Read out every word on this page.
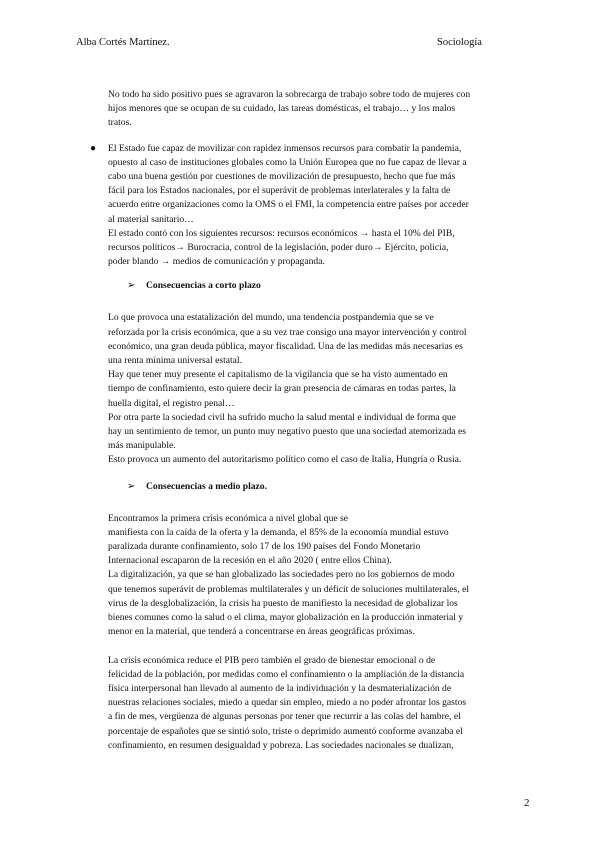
Alba Cortés Martínez.	Sociología

No todo ha sido positivo pues se agravaron la sobrecarga de trabajo sobre todo de mujeres con
hijos menores que se ocupan de su cuidado, las tareas domésticas, el trabajo… y los malos
tratos.

● El Estado fue capaz de movilizar con rapidez inmensos recursos para combatir la pandemia,
opuesto al caso de instituciones globales como la Unión Europea que no fue capaz de llevar a
cabo una buena gestión por cuestiones de movilización de presupuesto, hecho que fue más
fácil para los Estados nacionales, por el superávit de problemas interlaterales y la falta de
acuerdo entre organizaciones como la OMS o el FMI, la competencia entre países por acceder
al material sanitario…
El estado contó con los siguientes recursos: recursos económicos → hasta el 10% del PIB,
recursos políticos→ Burocracia, control de la legislación, poder duro→ Ejército, policía,
poder blando → medios de comunicación y propaganda.

➢ Consecuencias a corto plazo

Lo que provoca una estatalización del mundo, una tendencia postpandemia que se ve
reforzada por la crisis económica, que a su vez trae consigo una mayor intervención y control
económico, una gran deuda pública, mayor fiscalidad. Una de las medidas más necesarias es
una renta mínima universal estatal.
Hay que tener muy presente el capitalismo de la vigilancia que se ha visto aumentado en
tiempo de confinamiento, esto quiere decir la gran presencia de cámaras en todas partes, la
huella digital, el registro penal…
Por otra parte la sociedad civil ha sufrido mucho la salud mental e individual de forma que
hay un sentimiento de temor, un punto muy negativo puesto que una sociedad atemorizada es
más manipulable.
Esto provoca un aumento del autoritarismo político como el caso de Italia, Hungría o Rusia.

➢ Consecuencias a medio plazo.

Encontramos la primera crisis económica a nivel global que se
manifiesta con la caída de la oferta y la demanda, el 85% de la economía mundial estuvo
paralizada durante confinamiento, solo 17 de los 190 países del Fondo Monetario
Internacional escaparon de la recesión en el año 2020 ( entre ellos China).
La digitalización, ya que se han globalizado las sociedades pero no los gobiernos de modo
que tenemos superávit de problemas multilaterales y un déficit de soluciones multilaterales, el
virus de la desglobalización, la crisis ha puesto de manifiesto la necesidad de globalizar los
bienes comunes como la salud o el clima, mayor globalización en la producción inmaterial y
menor en la material, que tenderá a concentrarse en áreas geográficas próximas.

La crisis económica reduce el PIB pero también el grado de bienestar emocional o de
felicidad de la población, por medidas como el confinamiento o la ampliación de la distancia
física interpersonal han llevado al aumento de la individuación y la desmaterialización de
nuestras relaciones sociales, miedo a quedar sin empleo, miedo a no poder afrontar los gastos
a fin de mes, vergüenza de algunas personas por tener que recurrir a las colas del hambre, el
porcentaje de españoles que se sintió solo, triste o deprimido aumentó conforme avanzaba el
confinamiento, en resumen desigualdad y pobreza. Las sociedades nacionales se dualizan,

2
